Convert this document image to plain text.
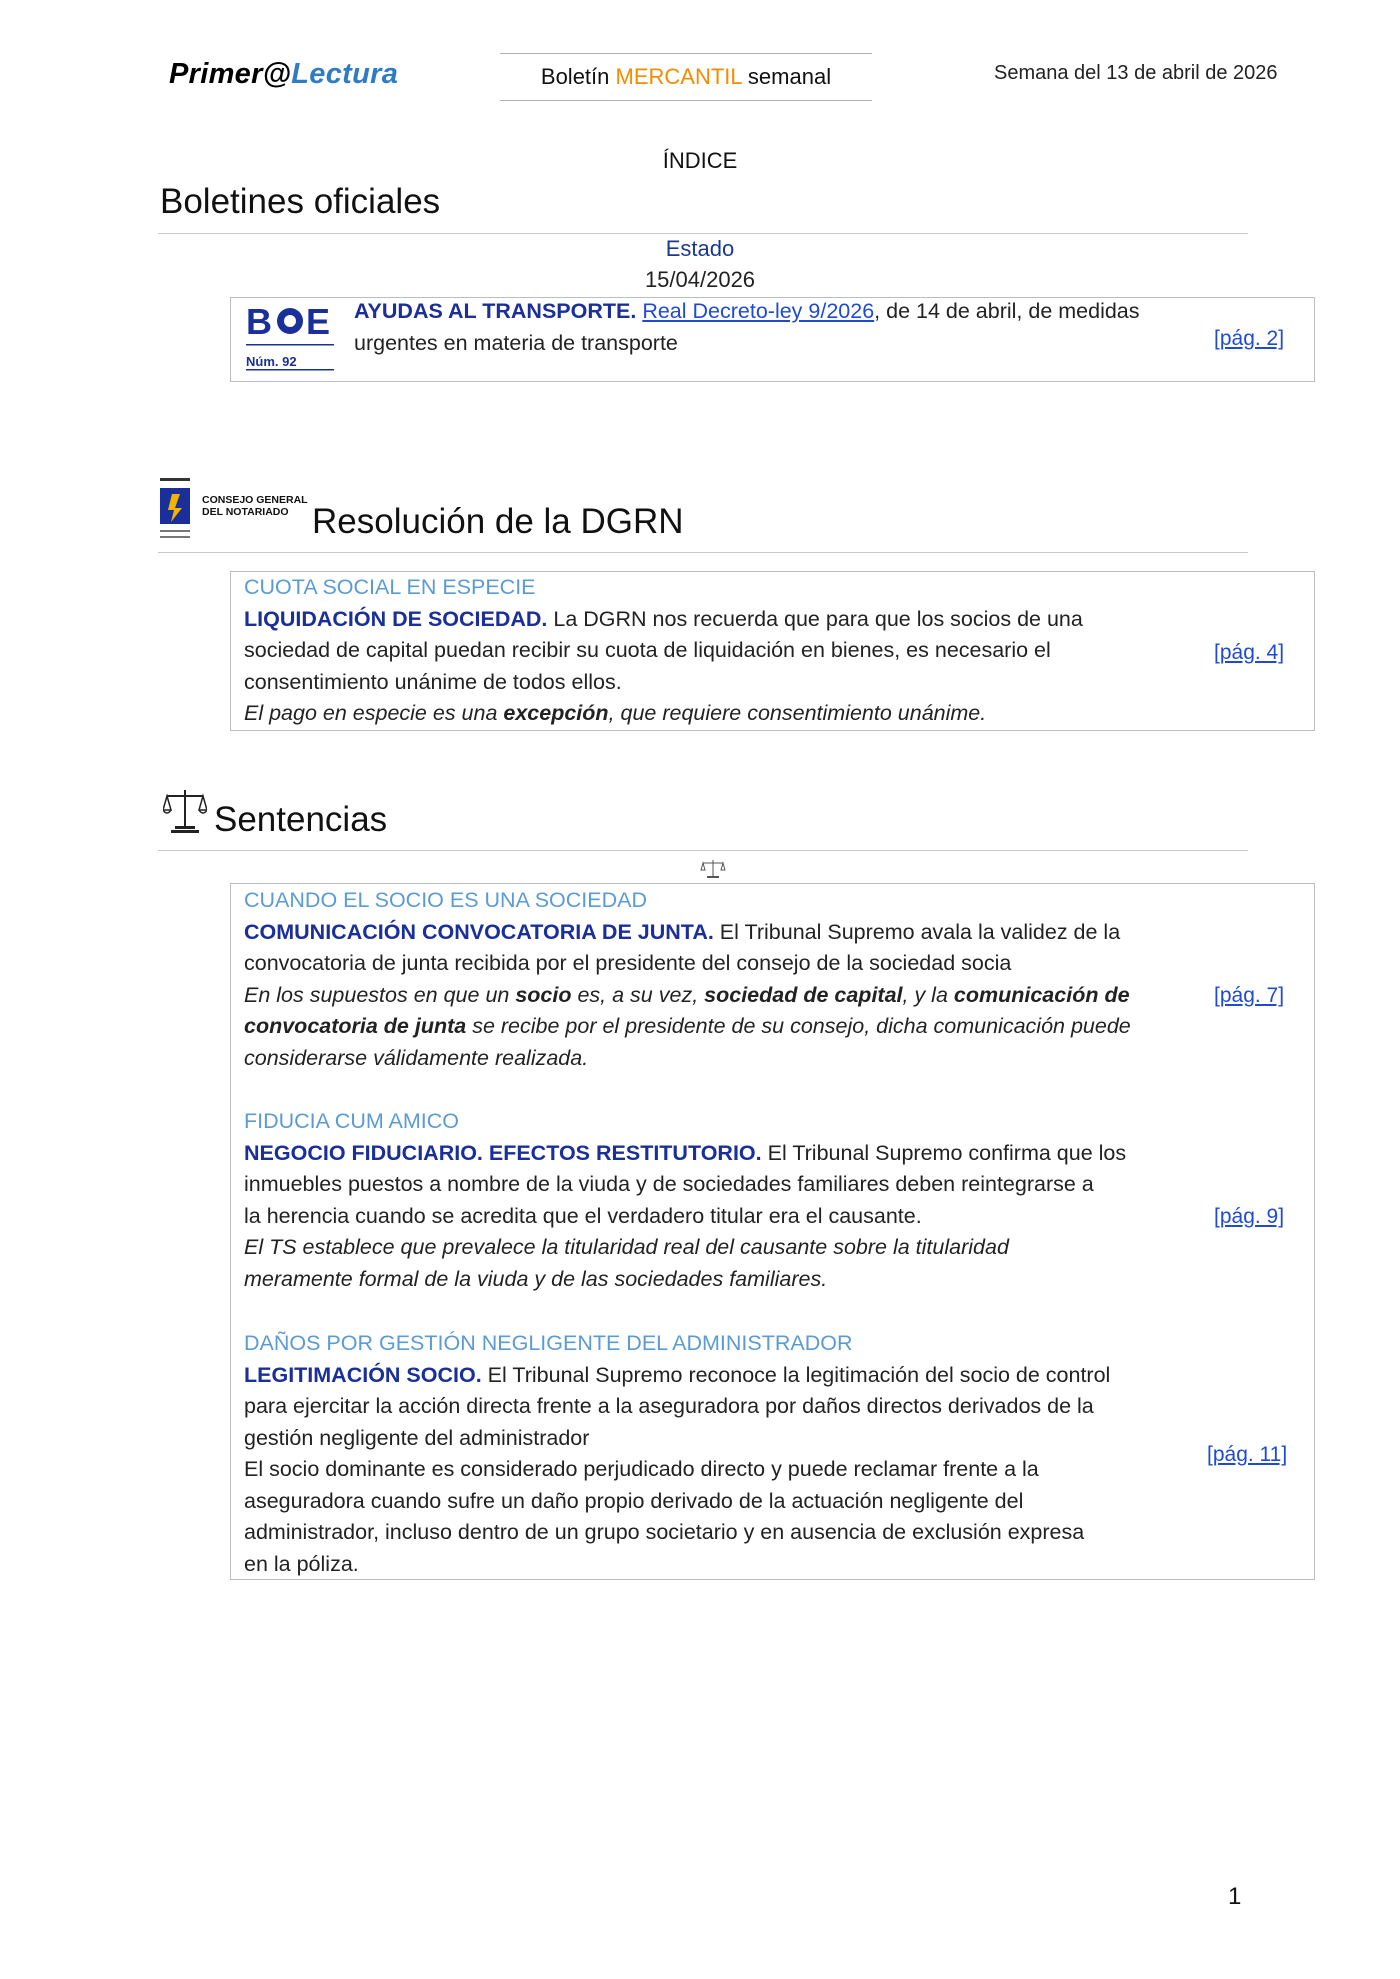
Primer@Lectura	Boletín MERCANTIL semanal	Semana del 13 de abril de 2026
ÍNDICE
Boletines oficiales
Estado
15/04/2026
B E
Núm. 92
AYUDAS AL TRANSPORTE. Real Decreto-ley 9/2026, de 14 de abril, de medidas
urgentes en materia de transporte	[pág. 2]
CONSEJO GENERAL
DEL NOTARIADO Resolución de la DGRN
CUOTA SOCIAL EN ESPECIE
LIQUIDACIÓN DE SOCIEDAD. La DGRN nos recuerda que para que los socios de una
sociedad de capital puedan recibir su cuota de liquidación en bienes, es necesario el
consentimiento unánime de todos ellos.
El pago en especie es una excepción, que requiere consentimiento unánime.
[pág. 4]
Sentencias
CUANDO EL SOCIO ES UNA SOCIEDAD
COMUNICACIÓN CONVOCATORIA DE JUNTA. El Tribunal Supremo avala la validez de la
convocatoria de junta recibida por el presidente del consejo de la sociedad socia
En los supuestos en que un socio es, a su vez, sociedad de capital, y la comunicación de
convocatoria de junta se recibe por el presidente de su consejo, dicha comunicación puede
considerarse válidamente realizada.
[pág. 7]
FIDUCIA CUM AMICO
NEGOCIO FIDUCIARIO. EFECTOS RESTITUTORIO. El Tribunal Supremo confirma que los
inmuebles puestos a nombre de la viuda y de sociedades familiares deben reintegrarse a
la herencia cuando se acredita que el verdadero titular era el causante.
El TS establece que prevalece la titularidad real del causante sobre la titularidad
meramente formal de la viuda y de las sociedades familiares.
[pág. 9]
DAÑOS POR GESTIÓN NEGLIGENTE DEL ADMINISTRADOR
LEGITIMACIÓN SOCIO. El Tribunal Supremo reconoce la legitimación del socio de control
para ejercitar la acción directa frente a la aseguradora por daños directos derivados de la
gestión negligente del administrador
El socio dominante es considerado perjudicado directo y puede reclamar frente a la
aseguradora cuando sufre un daño propio derivado de la actuación negligente del
administrador, incluso dentro de un grupo societario y en ausencia de exclusión expresa
en la póliza.
[pág. 11]
1
